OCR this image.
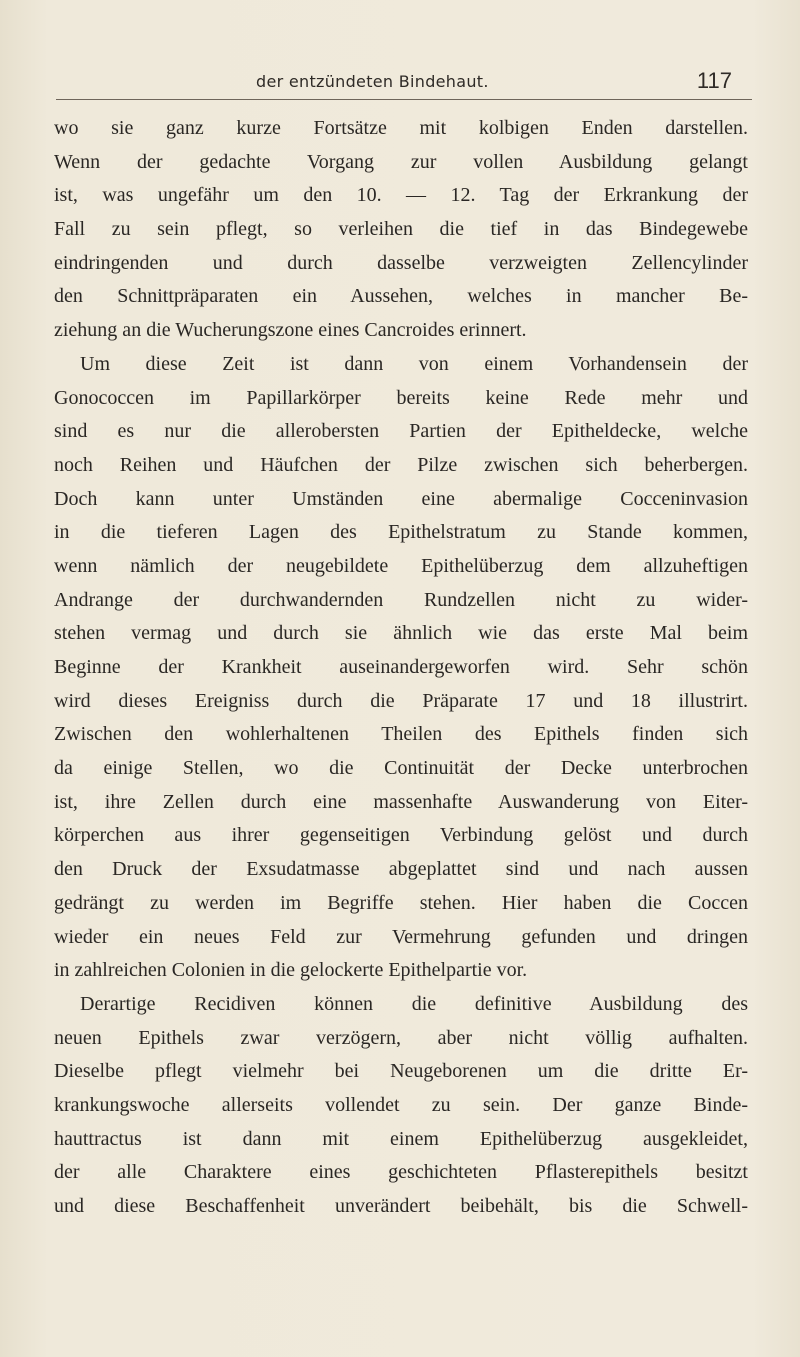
der entzündeten Bindehaut.	117
wo sie ganz kurze Fortsätze mit kolbigen Enden darstellen.
Wenn der gedachte Vorgang zur vollen Ausbildung gelangt
ist, was ungefähr um den 10. — 12. Tag der Erkrankung der
Fall zu sein pflegt, so verleihen die tief in das Bindegewebe
eindringenden und durch dasselbe verzweigten Zellencylinder
den Schnittpräparaten ein Aussehen, welches in mancher Be-
ziehung an die Wucherungszone eines Cancroides erinnert.
Um diese Zeit ist dann von einem Vorhandensein der
Gonococcen im Papillarkörper bereits keine Rede mehr und
sind es nur die allerobersten Partien der Epitheldecke, welche
noch Reihen und Häufchen der Pilze zwischen sich beherbergen.
Doch kann unter Umständen eine abermalige Cocceninvasion
in die tieferen Lagen des Epithelstratum zu Stande kommen,
wenn nämlich der neugebildete Epithelüberzug dem allzuheftigen
Andrange der durchwandernden Rundzellen nicht zu wider-
stehen vermag und durch sie ähnlich wie das erste Mal beim
Beginne der Krankheit auseinandergeworfen wird. Sehr schön
wird dieses Ereigniss durch die Präparate 17 und 18 illustrirt.
Zwischen den wohlerhaltenen Theilen des Epithels finden sich
da einige Stellen, wo die Continuität der Decke unterbrochen
ist, ihre Zellen durch eine massenhafte Auswanderung von Eiter-
körperchen aus ihrer gegenseitigen Verbindung gelöst und durch
den Druck der Exsudatmasse abgeplattet sind und nach aussen
gedrängt zu werden im Begriffe stehen. Hier haben die Coccen
wieder ein neues Feld zur Vermehrung gefunden und dringen
in zahlreichen Colonien in die gelockerte Epithelpartie vor.
Derartige Recidiven können die definitive Ausbildung des
neuen Epithels zwar verzögern, aber nicht völlig aufhalten.
Dieselbe pflegt vielmehr bei Neugeborenen um die dritte Er-
krankungswoche allerseits vollendet zu sein. Der ganze Binde-
hauttractus ist dann mit einem Epithelüberzug ausgekleidet,
der alle Charaktere eines geschichteten Pflasterepithels besitzt
und diese Beschaffenheit unverändert beibehält, bis die Schwell-
